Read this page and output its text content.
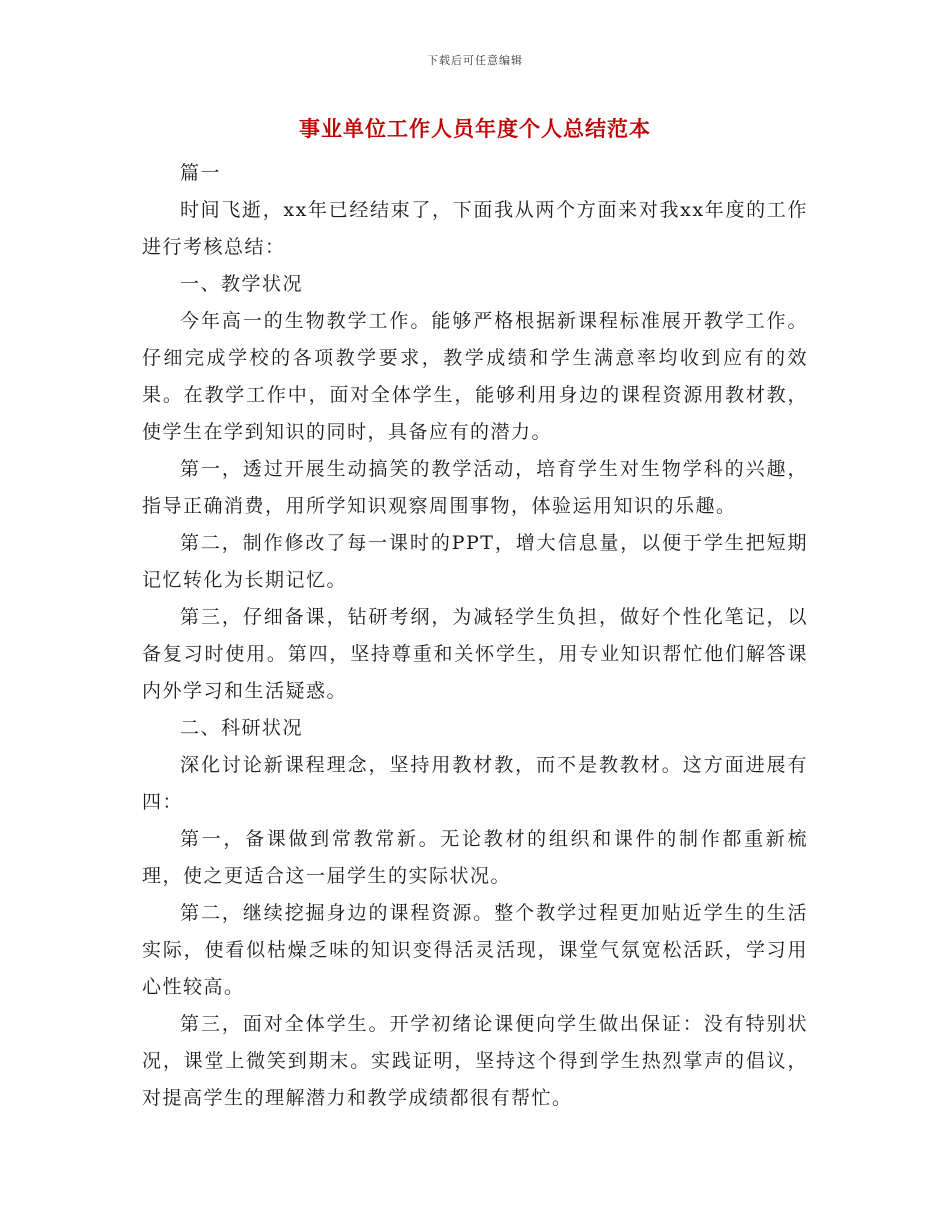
下载后可任意编辑
事业单位工作人员年度个人总结范本

篇一

时间飞逝，xx年已经结束了，下面我从两个方面来对我xx年度的工作进行考核总结：

一、教学状况

今年高一的生物教学工作。能够严格根据新课程标准展开教学工作。仔细完成学校的各项教学要求，教学成绩和学生满意率均收到应有的效果。在教学工作中，面对全体学生，能够利用身边的课程资源用教材教，使学生在学到知识的同时，具备应有的潜力。

第一，透过开展生动搞笑的教学活动，培育学生对生物学科的兴趣，指导正确消费，用所学知识观察周围事物，体验运用知识的乐趣。

第二，制作修改了每一课时的PPT，增大信息量，以便于学生把短期记忆转化为长期记忆。

第三，仔细备课，钻研考纲，为减轻学生负担，做好个性化笔记，以备复习时使用。第四，坚持尊重和关怀学生，用专业知识帮忙他们解答课内外学习和生活疑惑。

二、科研状况

深化讨论新课程理念，坚持用教材教，而不是教教材。这方面进展有四：

第一，备课做到常教常新。无论教材的组织和课件的制作都重新梳理，使之更适合这一届学生的实际状况。

第二，继续挖掘身边的课程资源。整个教学过程更加贴近学生的生活实际，使看似枯燥乏味的知识变得活灵活现，课堂气氛宽松活跃，学习用心性较高。

第三，面对全体学生。开学初绪论课便向学生做出保证：没有特别状况，课堂上微笑到期末。实践证明，坚持这个得到学生热烈掌声的倡议，对提高学生的理解潜力和教学成绩都很有帮忙。
